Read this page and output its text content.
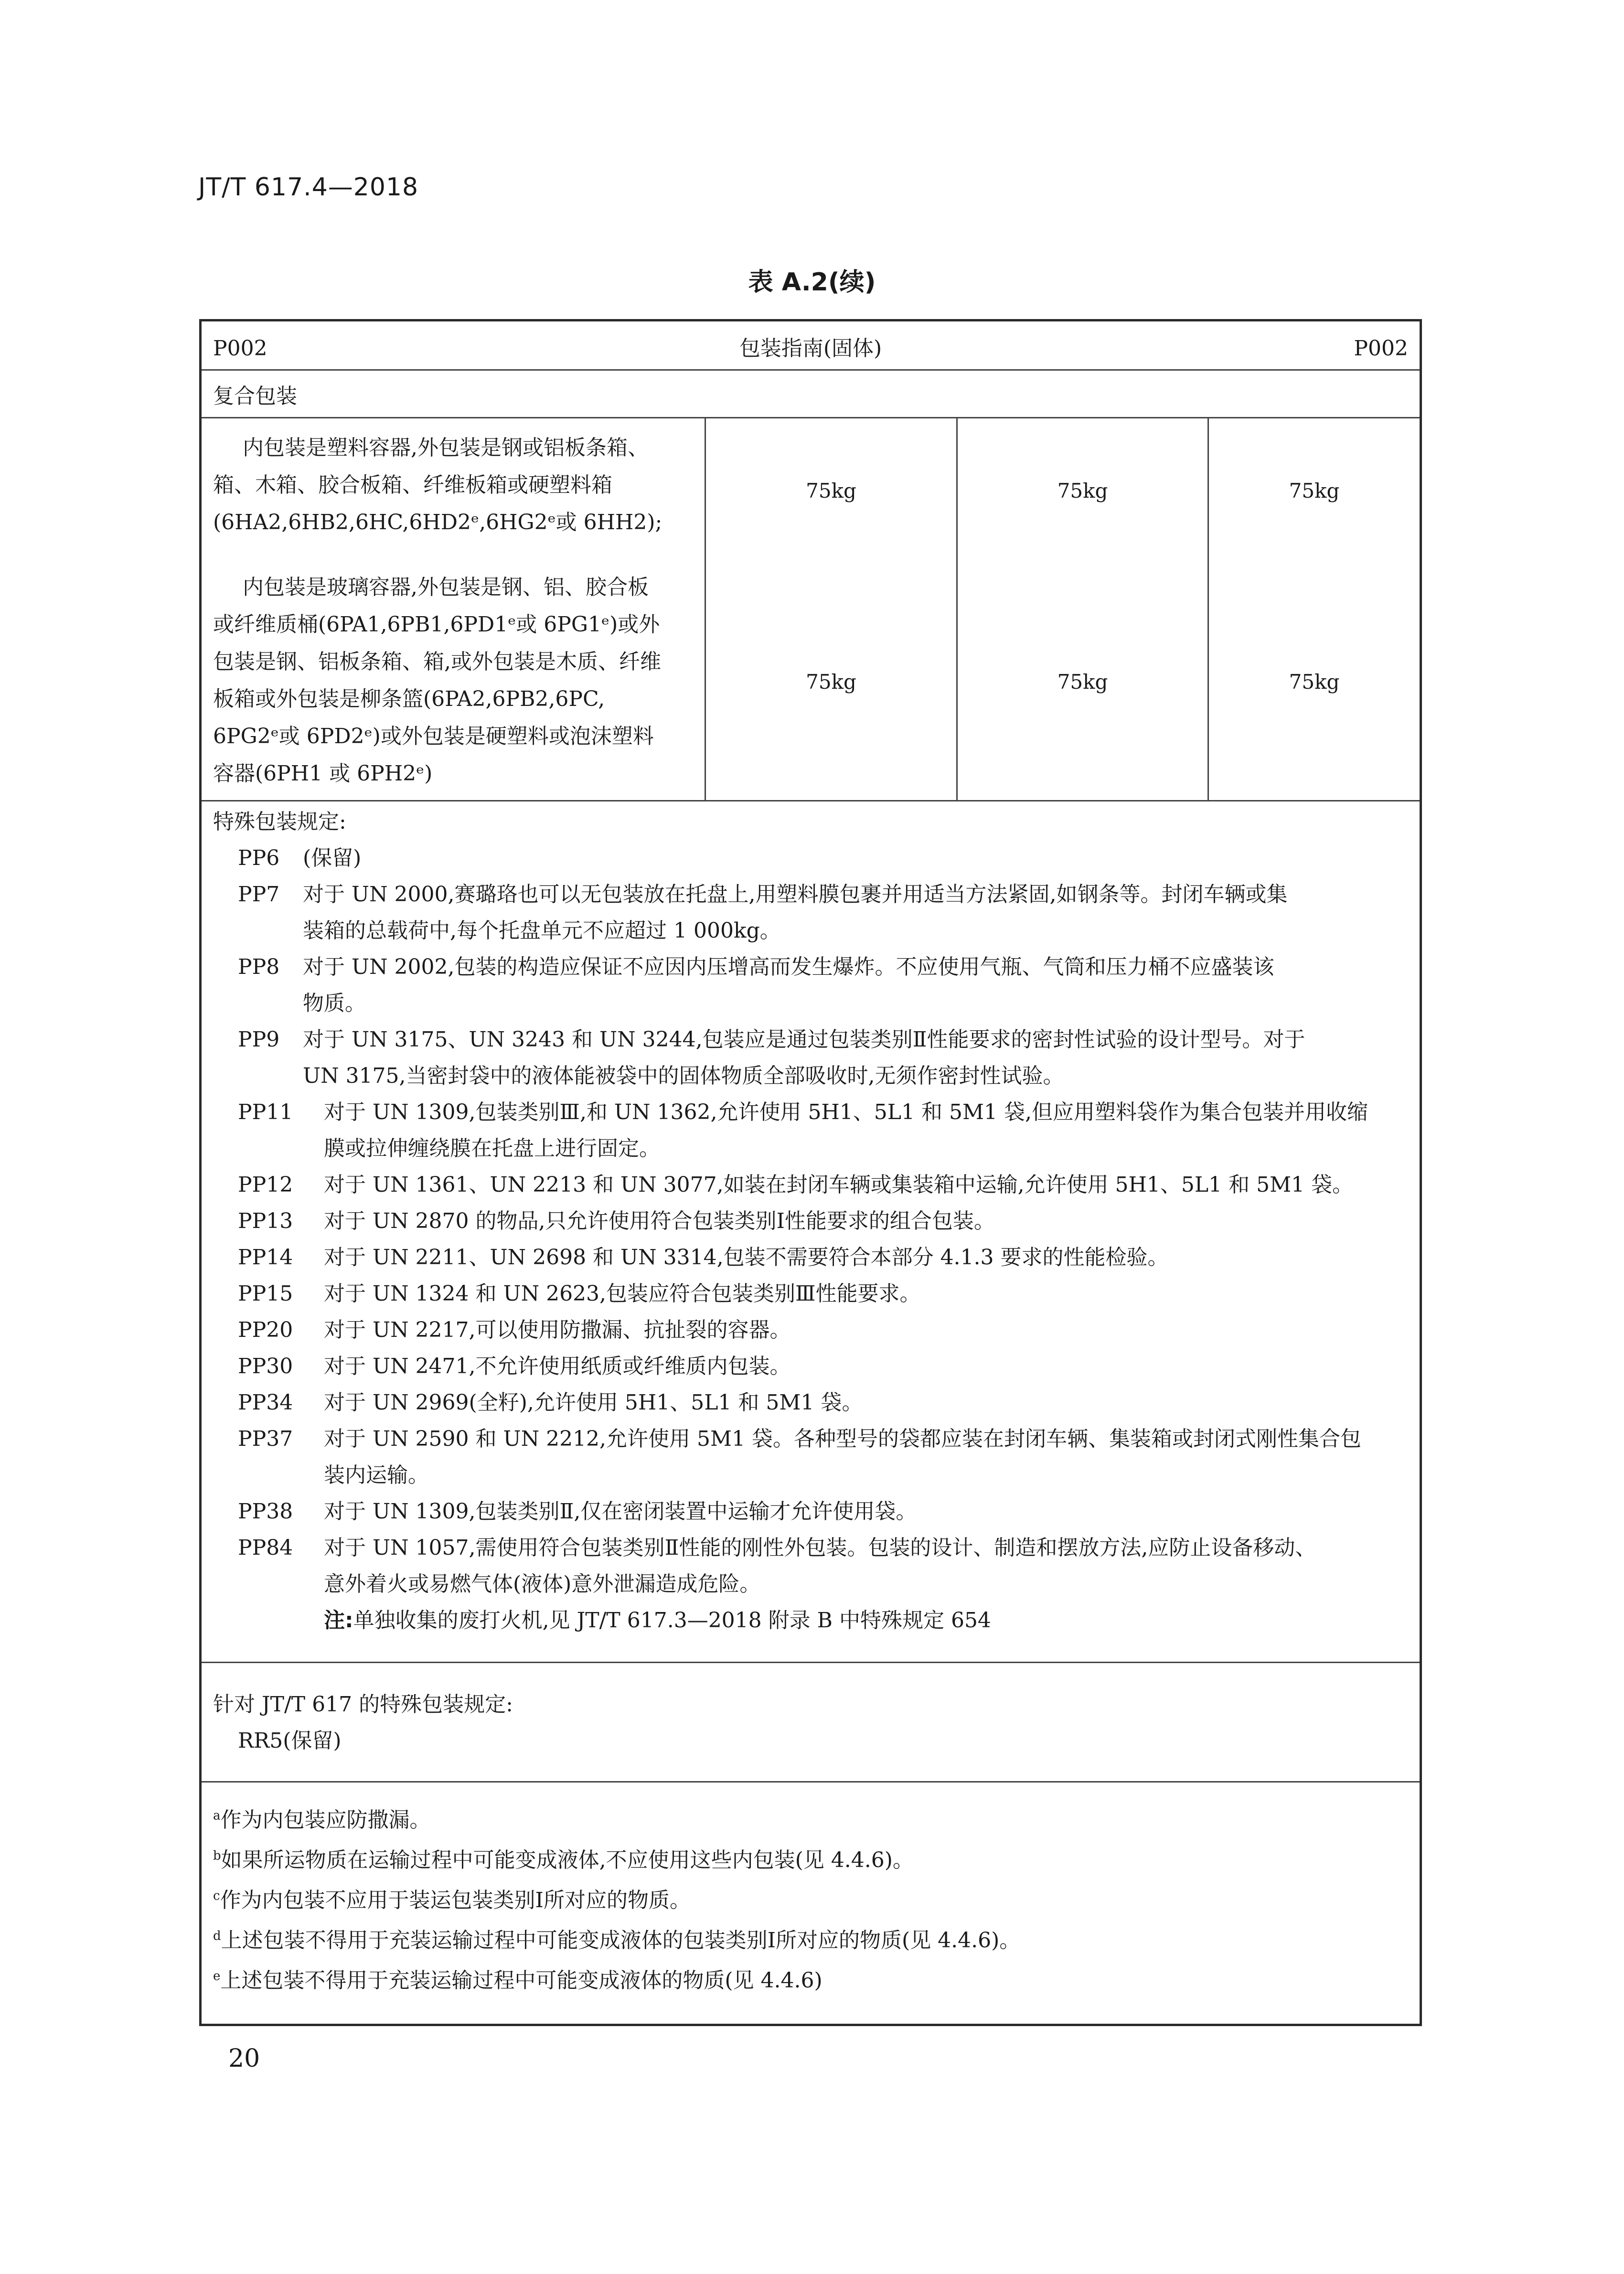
JT/T 617.4—2018
表 A.2(续)
P002	包装指南(固体)	P002
复合包装
内包装是塑料容器,外包装是钢或铝板条箱、
箱、木箱、胶合板箱、纤维板箱或硬塑料箱
(6HA2,6HB2,6HC,6HD2ᵉ,6HG2ᵉ或 6HH2);
75kg	75kg	75kg
内包装是玻璃容器,外包装是钢、铝、胶合板
或纤维质桶(6PA1,6PB1,6PD1ᵉ或 6PG1ᵉ)或外
包装是钢、铝板条箱、箱,或外包装是木质、纤维
板箱或外包装是柳条篮(6PA2,6PB2,6PC,
6PG2ᵉ或 6PD2ᵉ)或外包装是硬塑料或泡沫塑料
容器(6PH1 或 6PH2ᵉ)
75kg	75kg	75kg
特殊包装规定:
PP6 (保留)
PP7 对于 UN 2000,赛璐珞也可以无包装放在托盘上,用塑料膜包裹并用适当方法紧固,如钢条等。封闭车辆或集
装箱的总载荷中,每个托盘单元不应超过 1 000kg。
PP8 对于 UN 2002,包装的构造应保证不应因内压增高而发生爆炸。不应使用气瓶、气筒和压力桶不应盛装该
物质。
PP9 对于 UN 3175、UN 3243 和 UN 3244,包装应是通过包装类别Ⅱ性能要求的密封性试验的设计型号。对于
UN 3175,当密封袋中的液体能被袋中的固体物质全部吸收时,无须作密封性试验。
PP11 对于 UN 1309,包装类别Ⅲ,和 UN 1362,允许使用 5H1、5L1 和 5M1 袋,但应用塑料袋作为集合包装并用收缩
膜或拉伸缠绕膜在托盘上进行固定。
PP12 对于 UN 1361、UN 2213 和 UN 3077,如装在封闭车辆或集装箱中运输,允许使用 5H1、5L1 和 5M1 袋。
PP13 对于 UN 2870 的物品,只允许使用符合包装类别Ⅰ性能要求的组合包装。
PP14 对于 UN 2211、UN 2698 和 UN 3314,包装不需要符合本部分 4.1.3 要求的性能检验。
PP15 对于 UN 1324 和 UN 2623,包装应符合包装类别Ⅲ性能要求。
PP20 对于 UN 2217,可以使用防撒漏、抗扯裂的容器。
PP30 对于 UN 2471,不允许使用纸质或纤维质内包装。
PP34 对于 UN 2969(全籽),允许使用 5H1、5L1 和 5M1 袋。
PP37 对于 UN 2590 和 UN 2212,允许使用 5M1 袋。各种型号的袋都应装在封闭车辆、集装箱或封闭式刚性集合包
装内运输。
PP38 对于 UN 1309,包装类别Ⅱ,仅在密闭装置中运输才允许使用袋。
PP84 对于 UN 1057,需使用符合包装类别Ⅱ性能的刚性外包装。包装的设计、制造和摆放方法,应防止设备移动、
意外着火或易燃气体(液体)意外泄漏造成危险。
注:单独收集的废打火机,见 JT/T 617.3—2018 附录 B 中特殊规定 654
针对 JT/T 617 的特殊包装规定:
RR5(保留)
$^a$作为内包装应防撒漏。
$^b$如果所运物质在运输过程中可能变成液体,不应使用这些内包装(见 4.4.6)。
$^c$作为内包装不应用于装运包装类别Ⅰ所对应的物质。
$^d$上述包装不得用于充装运输过程中可能变成液体的包装类别Ⅰ所对应的物质(见 4.4.6)。
$^e$上述包装不得用于充装运输过程中可能变成液体的物质(见 4.4.6)
20
